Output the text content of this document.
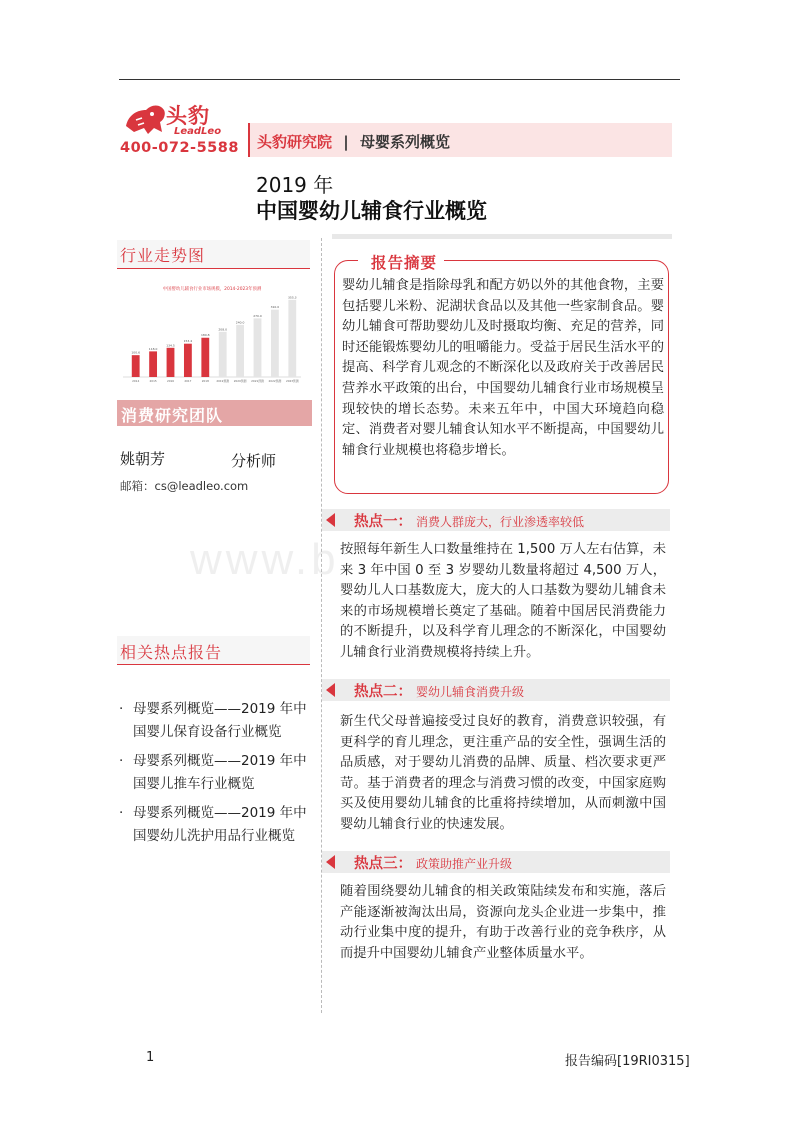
头豹
LeadLeo
400-072-5588 头豹研究院 | 母婴系列概览
2019 年
中国婴幼儿辅食行业概览
行业走势图
中国婴幼儿辅食行业市场规模，2014-2023年预测
100.6
2014
118.0
2015
134.5
2016
153.4
2017
180.8
2018
208.0
2019预测
240.0
2020预测
270.0
2021预测
310.0
2022预测
355.3
2023预测
消费研究团队
姚朝芳	分析师
邮箱：cs@leadleo.com
相关热点报告
· 母婴系列概览——2019 年中国婴儿保育设备行业概览
· 母婴系列概览——2019 年中国婴儿推车行业概览
· 母婴系列概览——2019 年中国婴幼儿洗护用品行业概览
报告摘要
婴幼儿辅食是指除母乳和配方奶以外的其他食物，主要包括婴儿米粉、泥湖状食品以及其他一些家制食品。婴幼儿辅食可帮助婴幼儿及时摄取均衡、充足的营养，同时还能锻炼婴幼儿的咀嚼能力。受益于居民生活水平的提高、科学育儿观念的不断深化以及政府关于改善居民营养水平政策的出台，中国婴幼儿辅食行业市场规模呈现较快的增长态势。未来五年中，中国大环境趋向稳定、消费者对婴儿辅食认知水平不断提高，中国婴幼儿辅食行业规模也将稳步增长。
www.b
热点一： 消费人群庞大，行业渗透率较低
按照每年新生人口数量维持在 1,500 万人左右估算，未来 3 年中国 0 至 3 岁婴幼儿数量将超过 4,500 万人，婴幼儿人口基数庞大，庞大的人口基数为婴幼儿辅食未来的市场规模增长奠定了基础。随着中国居民消费能力的不断提升，以及科学育儿理念的不断深化，中国婴幼儿辅食行业消费规模将持续上升。
热点二： 婴幼儿辅食消费升级
新生代父母普遍接受过良好的教育，消费意识较强，有更科学的育儿理念，更注重产品的安全性，强调生活的品质感，对于婴幼儿消费的品牌、质量、档次要求更严苛。基于消费者的理念与消费习惯的改变，中国家庭购买及使用婴幼儿辅食的比重将持续增加，从而刺激中国婴幼儿辅食行业的快速发展。
热点三： 政策助推产业升级
随着围绕婴幼儿辅食的相关政策陆续发布和实施，落后产能逐渐被淘汰出局，资源向龙头企业进一步集中，推动行业集中度的提升，有助于改善行业的竞争秩序，从而提升中国婴幼儿辅食产业整体质量水平。
1	报告编码[19RI0315]
